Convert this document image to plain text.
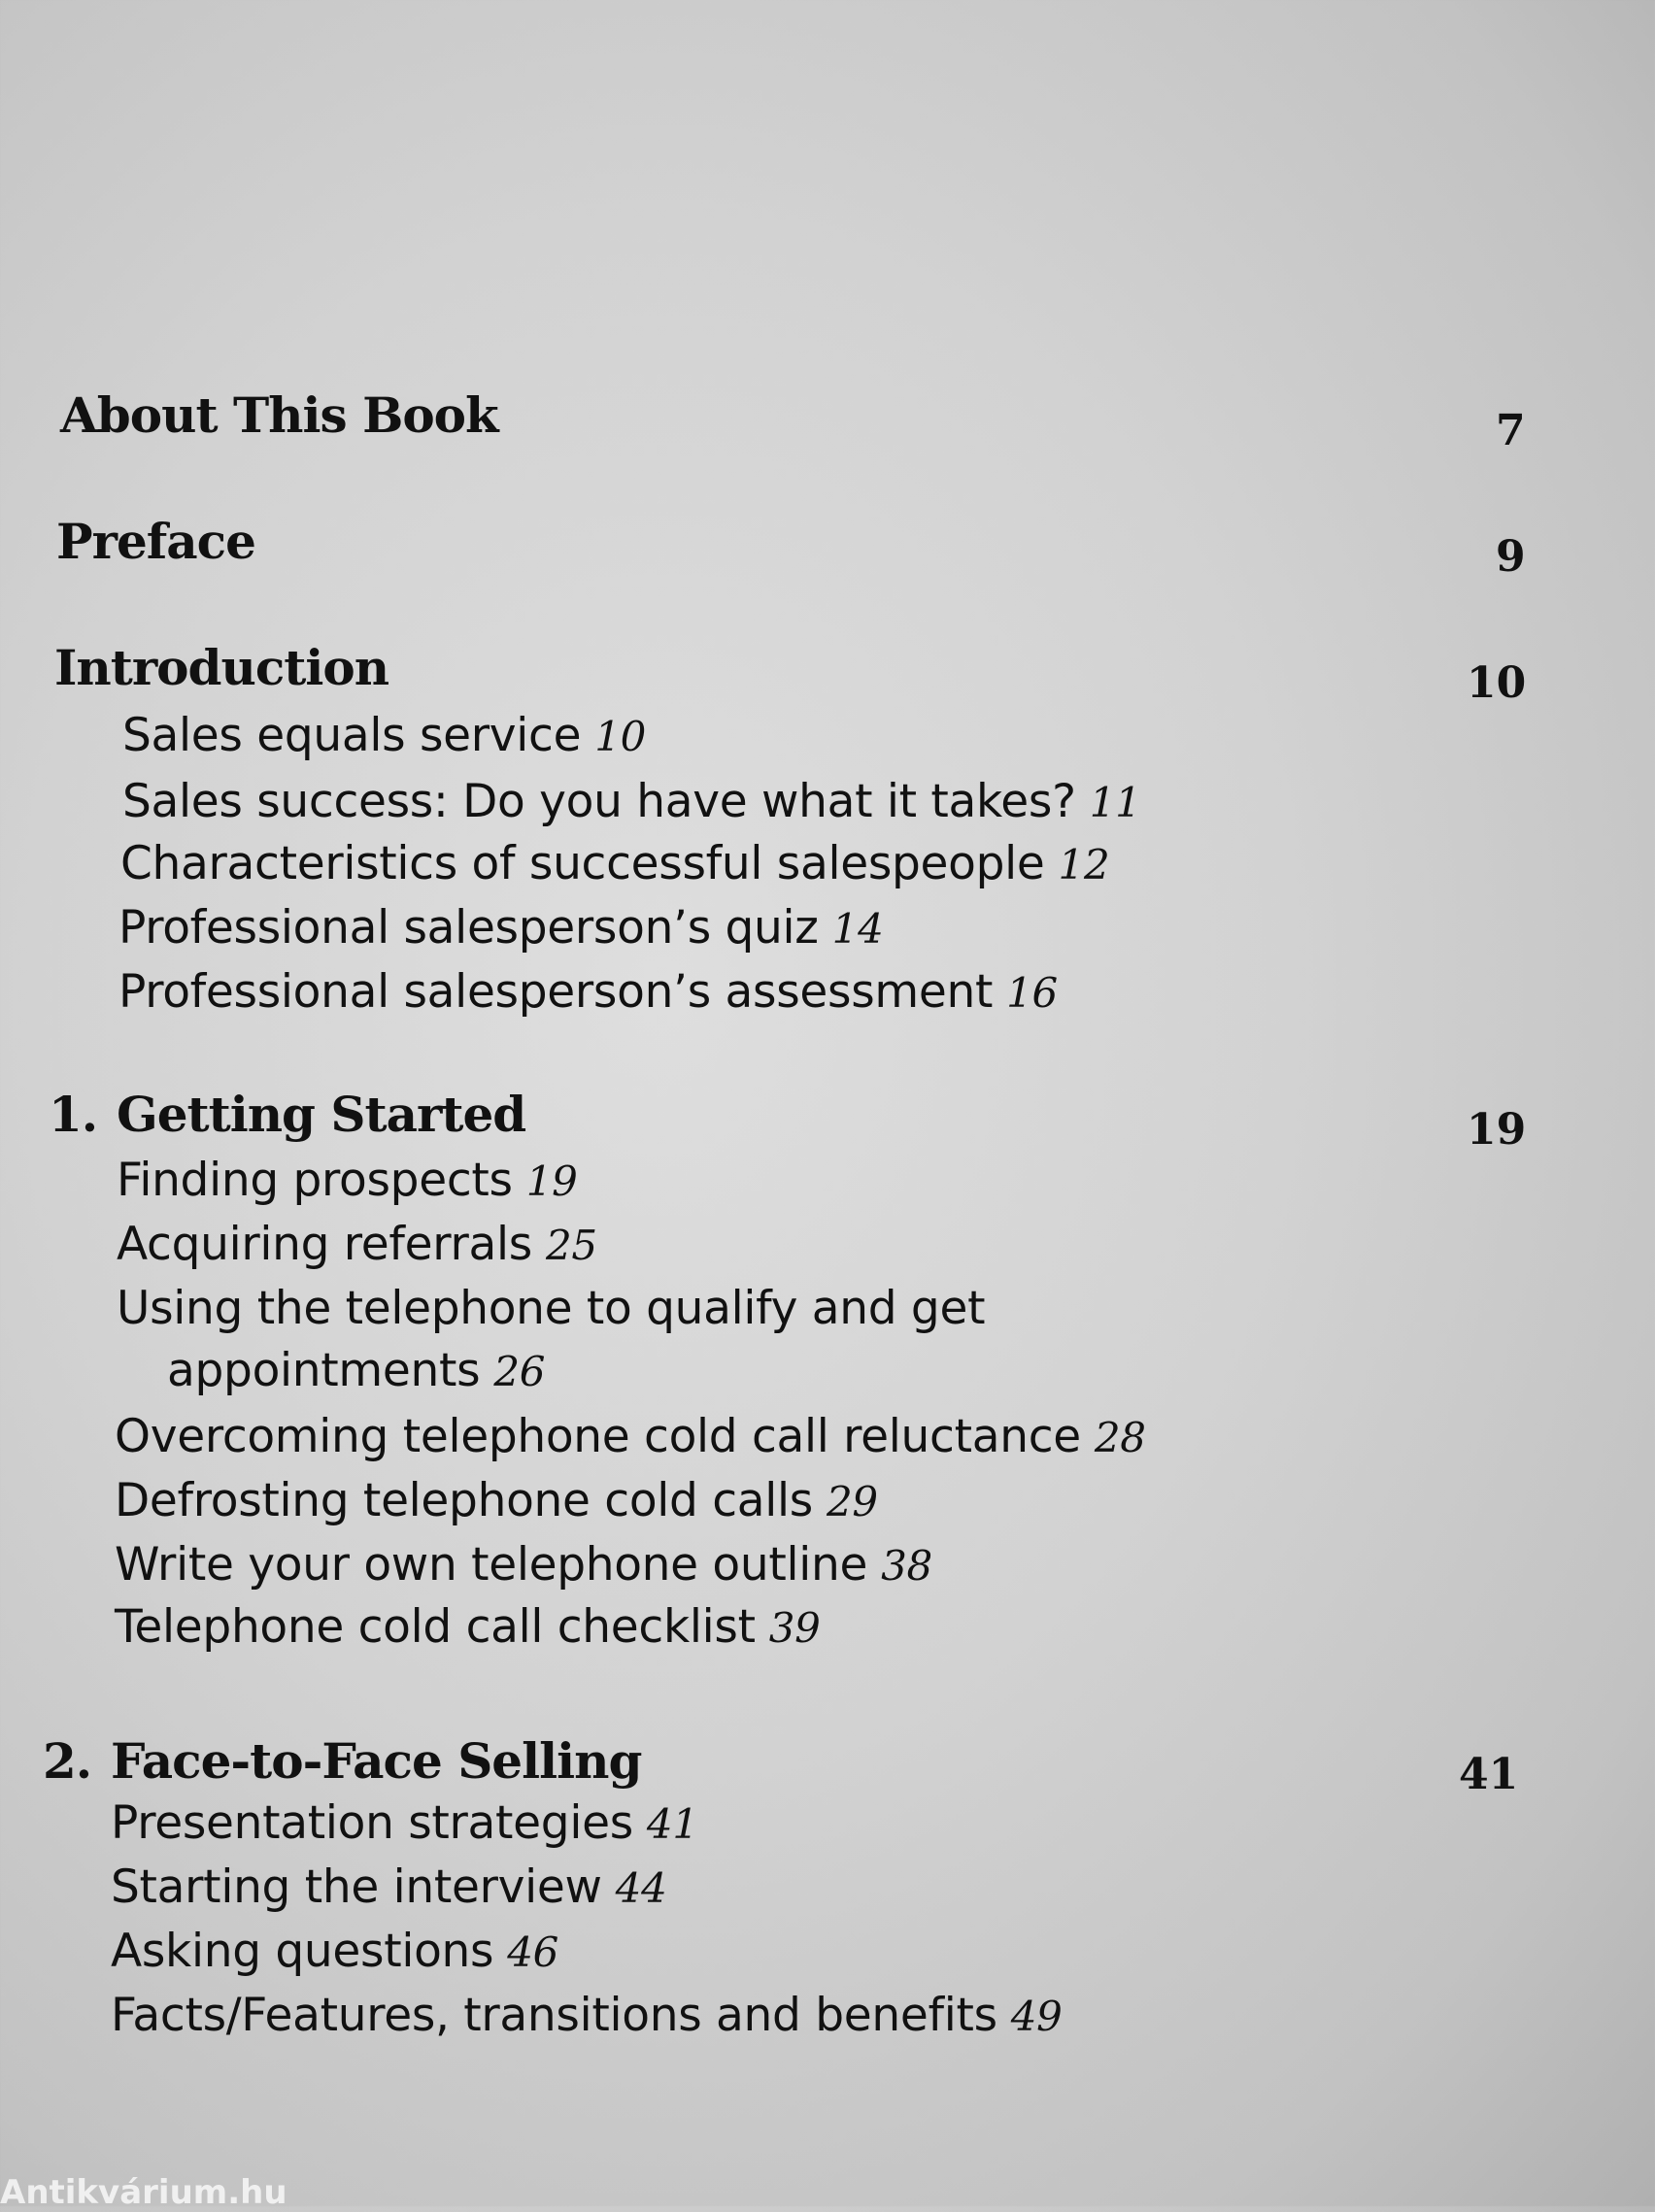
About This Book	7
Preface	9
Introduction	10
Sales equals service 10
Sales success: Do you have what it takes? 11
Characteristics of successful salespeople 12
Professional salesperson’s quiz 14
Professional salesperson’s assessment 16
1. Getting Started	19
Finding prospects 19
Acquiring referrals 25
Using the telephone to qualify and get
appointments 26
Overcoming telephone cold call reluctance 28
Defrosting telephone cold calls 29
Write your own telephone outline 38
Telephone cold call checklist 39
2. Face-to-Face Selling	41
Presentation strategies 41
Starting the interview 44
Asking questions 46
Facts/Features, transitions and benefits 49
Antikvárium.hu
